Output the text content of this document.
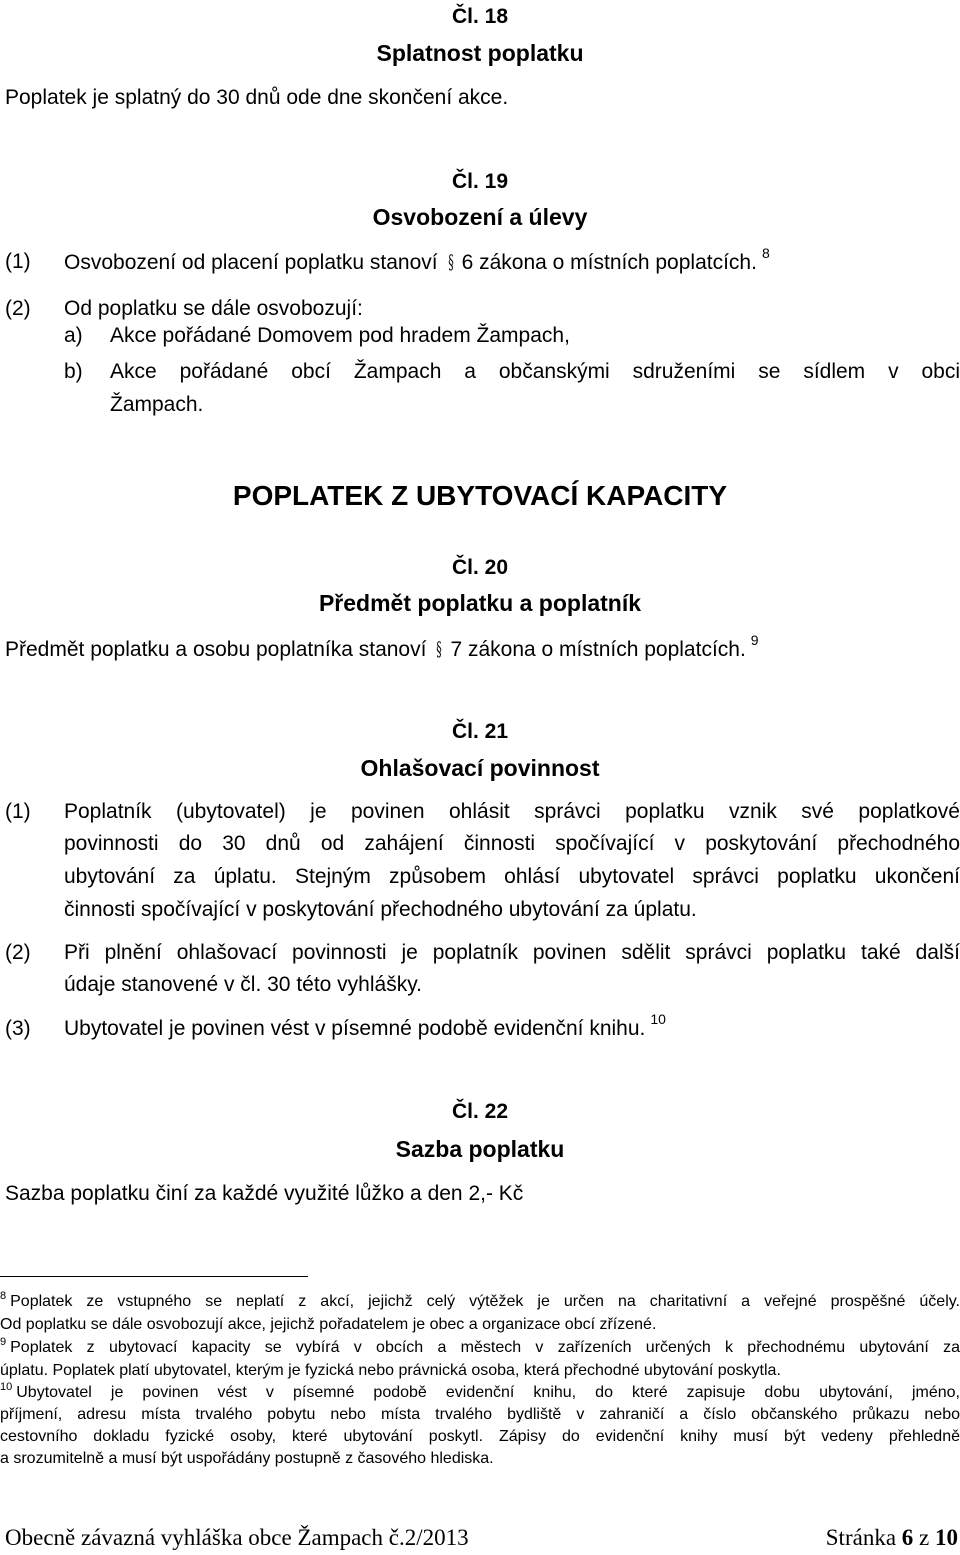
Čl. 18
Splatnost poplatku
Poplatek je splatný do 30 dnů ode dne skončení akce.
Čl. 19
Osvobození a úlevy
(1) Osvobození od placení poplatku stanoví § 6 zákona o místních poplatcích. $^8$
(2) Od poplatku se dále osvobozují:
a) Akce pořádané Domovem pod hradem Žampach,
b) Akce pořádané obcí Žampach a občanskými sdruženími se sídlem v obci
Žampach.
POPLATEK Z UBYTOVACÍ KAPACITY
Čl. 20
Předmět poplatku a poplatník
Předmět poplatku a osobu poplatníka stanoví § 7 zákona o místních poplatcích. $^9$
Čl. 21
Ohlašovací povinnost
(1) Poplatník (ubytovatel) je povinen ohlásit správci poplatku vznik své poplatkové
povinnosti do 30 dnů od zahájení činnosti spočívající v poskytování přechodného
ubytování za úplatu. Stejným způsobem ohlásí ubytovatel správci poplatku ukončení
činnosti spočívající v poskytování přechodného ubytování za úplatu.
(2) Při plnění ohlašovací povinnosti je poplatník povinen sdělit správci poplatku také další
údaje stanovené v čl. 30 této vyhlášky.
(3) Ubytovatel je povinen vést v písemné podobě evidenční knihu. $^{10}$
Čl. 22
Sazba poplatku
Sazba poplatku činí za každé využité lůžko a den 2,- Kč
$^8$ Poplatek ze vstupného se neplatí z akcí, jejichž celý výtěžek je určen na charitativní a veřejné prospěšné účely.
Od poplatku se dále osvobozují akce, jejichž pořadatelem je obec a organizace obcí zřízené.
$^9$ Poplatek z ubytovací kapacity se vybírá v obcích a městech v zařízeních určených k přechodnému ubytování za
úplatu. Poplatek platí ubytovatel, kterým je fyzická nebo právnická osoba, která přechodné ubytování poskytla.
$^{10}$ Ubytovatel je povinen vést v písemné podobě evidenční knihu, do které zapisuje dobu ubytování, jméno,
příjmení, adresu místa trvalého pobytu nebo místa trvalého bydliště v zahraničí a číslo občanského průkazu nebo
cestovního dokladu fyzické osoby, které ubytování poskytl. Zápisy do evidenční knihy musí být vedeny přehledně
a srozumitelně a musí být uspořádány postupně z časového hlediska.
Obecně závazná vyhláška obce Žampach č.2/2013	Stránka 6 z 10
